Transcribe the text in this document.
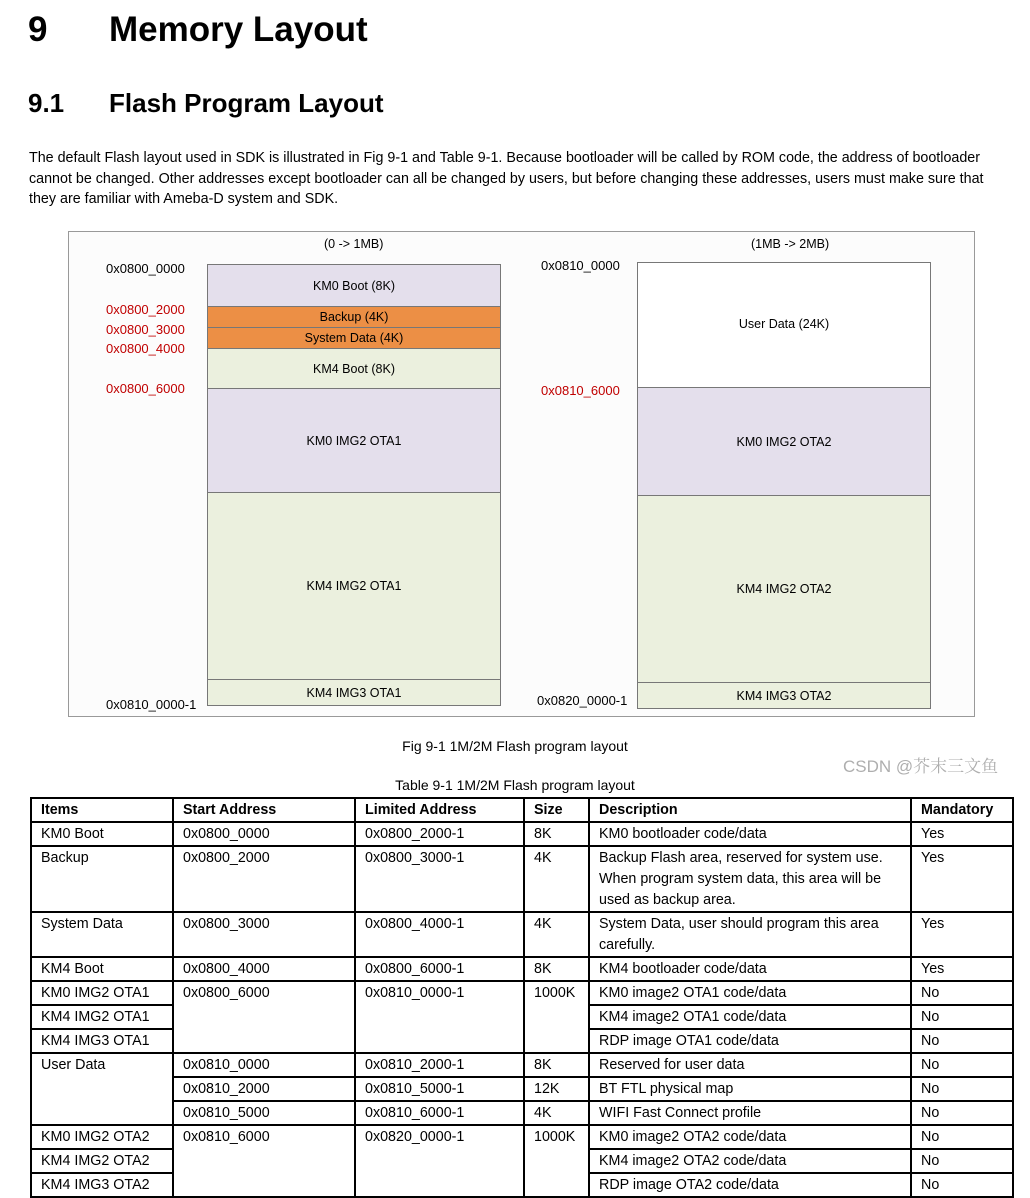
9 Memory Layout
9.1 Flash Program Layout
The default Flash layout used in SDK is illustrated in Fig 9-1 and Table 9-1. Because bootloader will be called by ROM code, the address of bootloader cannot be changed. Other addresses except bootloader can all be changed by users, but before changing these addresses, users must make sure that they are familiar with Ameba-D system and SDK.
(0 -> 1MB)
0x0800_0000
0x0800_2000
0x0800_3000
0x0800_4000
0x0800_6000
0x0810_0000-1
KM0 Boot (8K)
Backup (4K)
System Data (4K)
KM4 Boot (8K)
KM0 IMG2 OTA1
KM4 IMG2 OTA1
KM4 IMG3 OTA1
(1MB -> 2MB)
0x0810_0000
0x0810_6000
0x0820_0000-1
User Data (24K)
KM0 IMG2 OTA2
KM4 IMG2 OTA2
KM4 IMG3 OTA2
Fig 9-1 1M/2M Flash program layout
Table 9-1 1M/2M Flash program layout
Items	Start Address	Limited Address	Size	Description	Mandatory
KM0 Boot	0x0800_0000	0x0800_2000-1	8K	KM0 bootloader code/data	Yes
Backup	0x0800_2000	0x0800_3000-1	4K	Backup Flash area, reserved for system use. When program system data, this area will be used as backup area.	Yes
System Data	0x0800_3000	0x0800_4000-1	4K	System Data, user should program this area carefully.	Yes
KM4 Boot	0x0800_4000	0x0800_6000-1	8K	KM4 bootloader code/data	Yes
KM0 IMG2 OTA1	0x0800_6000	0x0810_0000-1	1000K	KM0 image2 OTA1 code/data	No
KM4 IMG2 OTA1				KM4 image2 OTA1 code/data	No
KM4 IMG3 OTA1				RDP image OTA1 code/data	No
User Data	0x0810_0000	0x0810_2000-1	8K	Reserved for user data	No
	0x0810_2000	0x0810_5000-1	12K	BT FTL physical map	No
	0x0810_5000	0x0810_6000-1	4K	WIFI Fast Connect profile	No
KM0 IMG2 OTA2	0x0810_6000	0x0820_0000-1	1000K	KM0 image2 OTA2 code/data	No
KM4 IMG2 OTA2				KM4 image2 OTA2 code/data	No
KM4 IMG3 OTA2				RDP image OTA2 code/data	No
CSDN @芥末三文鱼
